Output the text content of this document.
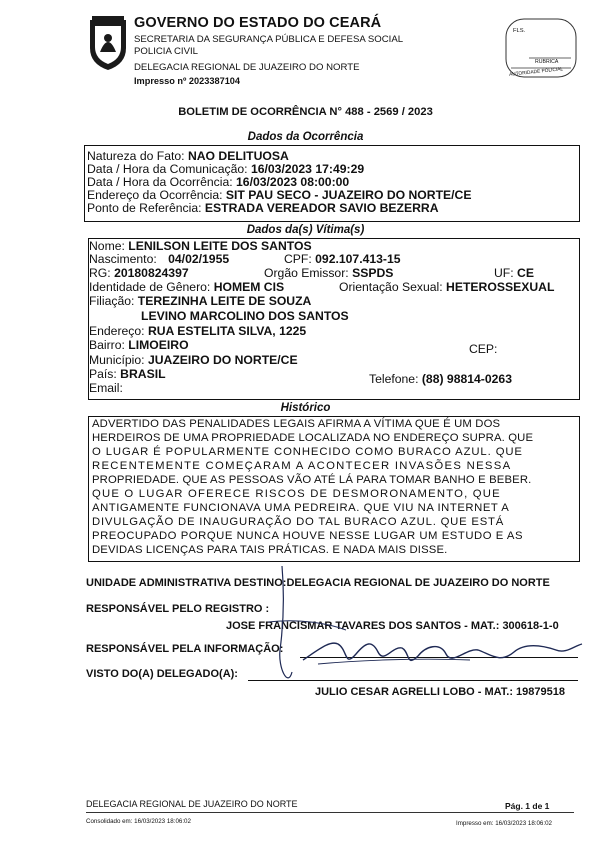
GOVERNO DO ESTADO DO CEARÁ
SECRETARIA DA SEGURANÇA PÚBLICA E DEFESA SOCIAL
POLICIA CIVIL
DELEGACIA REGIONAL DE JUAZEIRO DO NORTE
Impresso nº 2023387104
FLS.
RUBRICA
AUTORIDADE POLICIAL
BOLETIM DE OCORRÊNCIA N° 488 - 2569 / 2023
Dados da Ocorrência
Natureza do Fato: NAO DELITUOSA
Data / Hora da Comunicação: 16/03/2023 17:49:29
Data / Hora da Ocorrência: 16/03/2023 08:00:00
Endereço da Ocorrência: SIT PAU SECO - JUAZEIRO DO NORTE/CE
Ponto de Referência: ESTRADA VEREADOR SAVIO BEZERRA
Dados da(s) Vítima(s)
Nome: LENILSON LEITE DOS SANTOS
Nascimento: 04/02/1955	CPF: 092.107.413-15
RG: 20180824397	Orgão Emissor: SSPDS	UF: CE
Identidade de Gênero: HOMEM CIS	Orientação Sexual: HETEROSSEXUAL
Filiação: TEREZINHA LEITE DE SOUZA
LEVINO MARCOLINO DOS SANTOS
Endereço: RUA ESTELITA SILVA, 1225
Bairro: LIMOEIRO	CEP:
Município: JUAZEIRO DO NORTE/CE
País: BRASIL	Telefone: (88) 98814-0263
Email:
Histórico
ADVERTIDO DAS PENALIDADES LEGAIS AFIRMA A VÍTIMA QUE É UM DOS
HERDEIROS DE UMA PROPRIEDADE LOCALIZADA NO ENDEREÇO SUPRA. QUE
O LUGAR É POPULARMENTE CONHECIDO COMO BURACO AZUL. QUE
RECENTEMENTE COMEÇARAM A ACONTECER INVASÕES NESSA
PROPRIEDADE. QUE AS PESSOAS VÃO ATÉ LÁ PARA TOMAR BANHO E BEBER.
QUE O LUGAR OFERECE RISCOS DE DESMORONAMENTO, QUE
ANTIGAMENTE FUNCIONAVA UMA PEDREIRA. QUE VIU NA INTERNET A
DIVULGAÇÃO DE INAUGURAÇÃO DO TAL BURACO AZUL. QUE ESTÁ
PREOCUPADO PORQUE NUNCA HOUVE NESSE LUGAR UM ESTUDO E AS
DEVIDAS LICENÇAS PARA TAIS PRÁTICAS. E NADA MAIS DISSE.
UNIDADE ADMINISTRATIVA DESTINO:DELEGACIA REGIONAL DE JUAZEIRO DO NORTE
RESPONSÁVEL PELO REGISTRO :
JOSE FRANCISMAR TAVARES DOS SANTOS - MAT.: 300618-1-0
RESPONSÁVEL PELA INFORMAÇÃO:
VISTO DO(A) DELEGADO(A):
JULIO CESAR AGRELLI LOBO - MAT.: 19879518
DELEGACIA REGIONAL DE JUAZEIRO DO NORTE
Consolidado em: 16/03/2023 18:06:02
Pág. 1 de 1
Impresso em: 16/03/2023 18:06:02
